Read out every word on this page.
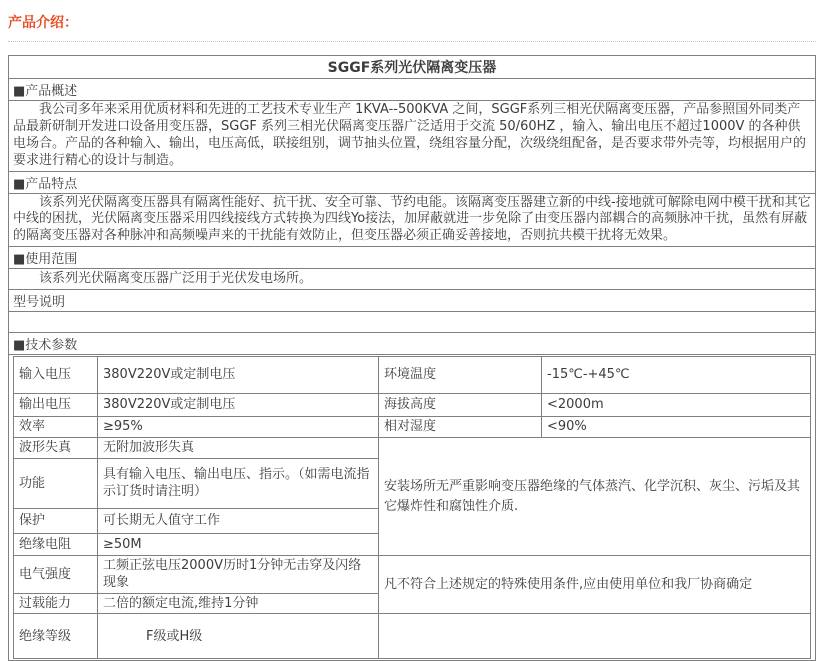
产品介绍：
SGGF系列光伏隔离变压器
■产品概述
我公司多年来采用优质材料和先进的工艺技术专业生产 1KVA--500KVA 之间，SGGF系列三相光伏隔离变压器，产品参照国外同类产品最新研制开发进口设备用变压器，SGGF 系列三相光伏隔离变压器广泛适用于交流 50/60HZ ，输入、输出电压不超过1000V 的各种供电场合。产品的各种输入、输出，电压高低，联接组别，调节抽头位置，绕组容量分配，次级绕组配备，是否要求带外壳等，均根据用户的要求进行精心的设计与制造。
■产品特点
该系列光伏隔离变压器具有隔离性能好、抗干扰、安全可靠、节约电能。该隔离变压器建立新的中线-接地就可解除电网中模干扰和其它中线的困扰，光伏隔离变压器采用四线接线方式转换为四线Yo接法，加屏蔽就进一步免除了由变压器内部耦合的高频脉冲干扰，虽然有屏蔽的隔离变压器对各种脉冲和高频噪声来的干扰能有效防止，但变压器必须正确妥善接地，否则抗共模干扰将无效果。
■使用范围
该系列光伏隔离变压器广泛用于光伏发电场所。
型号说明

■技术参数

输入电压	380V220V或定制电压	环境温度	-15℃-+45℃
输出电压	380V220V或定制电压	海拔高度	<2000m
效率	≥95%	相对湿度	<90%
波形失真	无附加波形失真	安装场所无严重影响变压器绝缘的气体蒸汽、化学沉积、灰尘、污垢及其它爆炸性和腐蚀性介质.
功能	具有输入电压、输出电压、指示。（如需电流指示订货时请注明）
保护	可长期无人值守工作
绝缘电阻	≥50M
电气强度	工频正弦电压2000V历时1分钟无击穿及闪络现象	凡不符合上述规定的特殊使用条件,应由使用单位和我厂协商确定
过载能力	二倍的额定电流,维持1分钟
绝缘等级	F级或H级	
